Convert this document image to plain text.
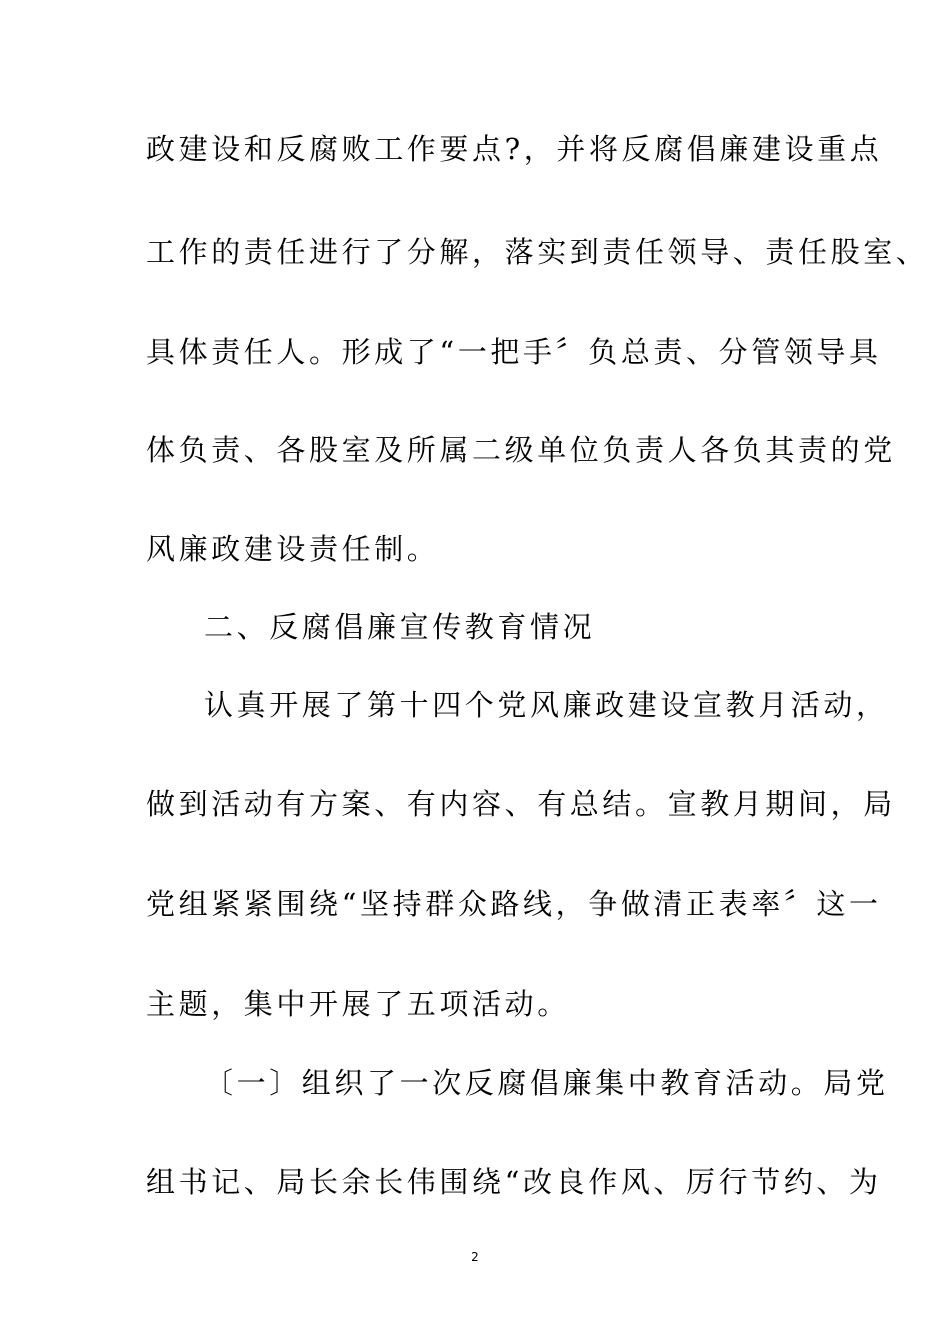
政建设和反腐败工作要点?，并将反腐倡廉建设重点
工作的责任进行了分解，落实到责任领导、责任股室、
具体责任人。形成了“一把手〞负总责、分管领导具
体负责、各股室及所属二级单位负责人各负其责的党
风廉政建设责任制。
二、反腐倡廉宣传教育情况
认真开展了第十四个党风廉政建设宣教月活动，
做到活动有方案、有内容、有总结。宣教月期间，局
党组紧紧围绕“坚持群众路线，争做清正表率〞这一
主题，集中开展了五项活动。
〔一〕组织了一次反腐倡廉集中教育活动。局党
组书记、局长余长伟围绕“改良作风、厉行节约、为
2
